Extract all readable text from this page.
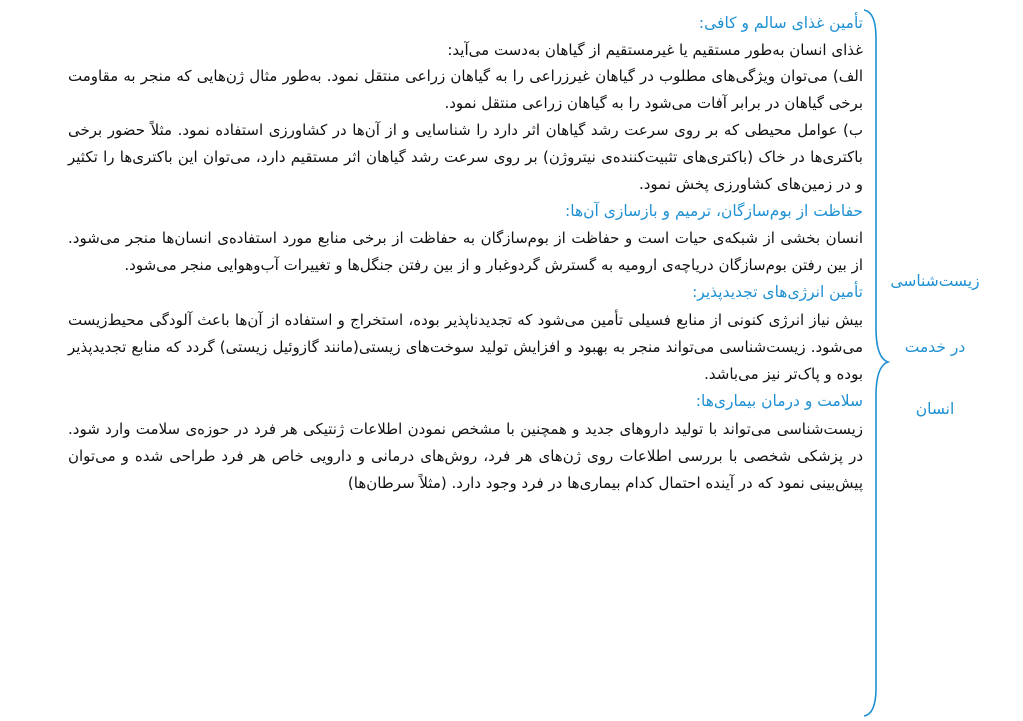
تأمین غذای سالم و کافی:

غذای انسان به‌طور مستقیم یا غیرمستقیم از گیاهان به‌دست می‌آید:

الف) می‌توان ویژگی‌های مطلوب در گیاهان غیرزراعی را به گیاهان زراعی منتقل نمود. به‌طور مثال ژن‌هایی که منجر به مقاومت برخی گیاهان در برابر آفات می‌شود را به گیاهان زراعی منتقل نمود.

ب) عوامل محیطی که بر روی سرعت رشد گیاهان اثر دارد را شناسایی و از آن‌ها در کشاورزی استفاده نمود. مثلاً حضور برخی باکتری‌ها در خاک (باکتری‌های تثبیت‌کننده‌ی نیتروژن) بر روی سرعت رشد گیاهان اثر مستقیم دارد، می‌توان این باکتری‌ها را تکثیر و در زمین‌های کشاورزی پخش نمود.

حفاظت از بوم‌سازگان، ترمیم و بازسازی آن‌ها:

انسان بخشی از شبکه‌ی حیات است و حفاظت از بوم‌سازگان به حفاظت از برخی منابع مورد استفاده‌ی انسان‌ها منجر می‌شود. از بین رفتن بوم‌سازگان دریاچه‌ی ارومیه به گسترش گردوغبار و از بین رفتن جنگل‌ها و تغییرات آب‌وهوایی منجر می‌شود.

تأمین انرژی‌های تجدیدپذیر:

بیش نیاز انرژی کنونی از منابع فسیلی تأمین می‌شود که تجدیدناپذیر بوده، استخراج و استفاده از آن‌ها باعث آلودگی محیط‌زیست می‌شود. زیست‌شناسی می‌تواند منجر به بهبود و افزایش تولید سوخت‌های زیستی(مانند گازوئیل زیستی) گردد که منابع تجدیدپذیر بوده و پاک‌تر نیز می‌باشد.

سلامت و درمان بیماری‌ها:

زیست‌شناسی می‌تواند با تولید داروهای جدید و همچنین با مشخص نمودن اطلاعات ژنتیکی هر فرد در حوزه‌ی سلامت وارد شود. در پزشکی شخصی با بررسی اطلاعات روی ژن‌های هر فرد، روش‌های درمانی و دارویی خاص هر فرد طراحی شده و می‌توان پیش‌بینی نمود که در آینده احتمال کدام بیماری‌ها در فرد وجود دارد. (مثلاً سرطان‌ها)

زیست‌شناسی
در خدمت
انسان
